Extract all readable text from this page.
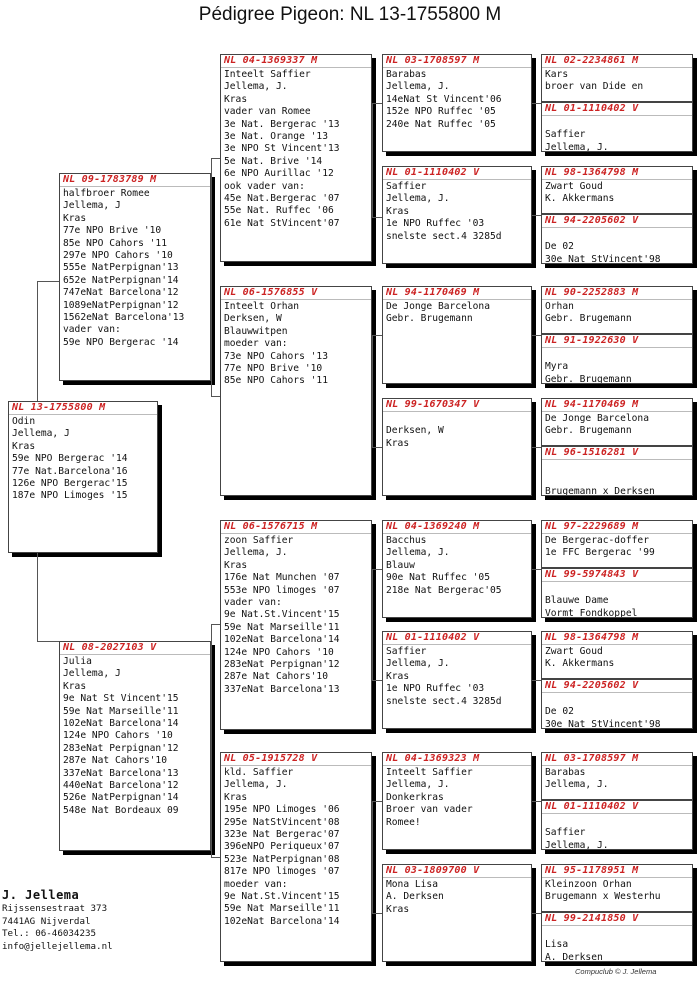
Pédigree Pigeon: NL 13-1755800 M
NL 13-1755800 M
Odin
Jellema, J
Kras
59e NPO Bergerac '14
77e Nat.Barcelona'16
126e NPO Bergerac'15
187e NPO Limoges '15
NL 09-1783789 M
halfbroer Romee
Jellema, J
Kras
77e NPO Brive '10
85e NPO Cahors '11
297e NPO Cahors '10
555e NatPerpignan'13
652e NatPerpignan'14
747eNat Barcelona'12
1089eNatPerpignan'12
1562eNat Barcelona'13
vader van:
59e NPO Bergerac '14
NL 08-2027103 V
Julia
Jellema, J
Kras
9e Nat St Vincent'15
59e Nat Marseille'11
102eNat Barcelona'14
124e NPO Cahors '10
283eNat Perpignan'12
287e Nat Cahors'10
337eNat Barcelona'13
440eNat Barcelona'12
526e NatPerpignan'14
548e Nat Bordeaux 09
NL 04-1369337 M
Inteelt Saffier
Jellema, J.
Kras
vader van Romee
3e Nat. Bergerac '13
3e Nat. Orange '13
3e NPO St Vincent'13
5e Nat. Brive '14
6e NPO Aurillac '12
ook vader van:
45e Nat.Bergerac '07
55e Nat. Ruffec '06
61e Nat StVincent'07
NL 06-1576855 V
Inteelt Orhan
Derksen, W
Blauwwitpen
moeder van:
73e NPO Cahors '13
77e NPO Brive '10
85e NPO Cahors '11
NL 06-1576715 M
zoon Saffier
Jellema, J.
Kras
176e Nat Munchen '07
553e NPO limoges '07
vader van:
9e Nat.St.Vincent'15
59e Nat Marseille'11
102eNat Barcelona'14
124e NPO Cahors '10
283eNat Perpignan'12
287e Nat Cahors'10
337eNat Barcelona'13
NL 05-1915728 V
kld. Saffier
Jellema, J.
Kras
195e NPO Limoges '06
295e NatStVincent'08
323e Nat Bergerac'07
396eNPO Periqueux'07
523e NatPerpignan'08
817e NPO limoges '07
moeder van:
9e Nat.St.Vincent'15
59e Nat Marseille'11
102eNat Barcelona'14
NL 03-1708597 M
Barabas
Jellema, J.
14eNat St Vincent'06
152e NPO Ruffec '05
240e Nat Ruffec '05
NL 01-1110402 V
Saffier
Jellema, J.
Kras
1e NPO Ruffec '03
snelste sect.4 3285d
NL 94-1170469 M
De Jonge Barcelona
Gebr. Brugemann
NL 99-1670347 V
Derksen, W
Kras
NL 04-1369240 M
Bacchus
Jellema, J.
Blauw
90e Nat Ruffec '05
218e Nat Bergerac'05
NL 01-1110402 V
Saffier
Jellema, J.
Kras
1e NPO Ruffec '03
snelste sect.4 3285d
NL 04-1369323 M
Inteelt Saffier
Jellema, J.
Donkerkras
Broer van vader
Romee!
NL 03-1809700 V
Mona Lisa
A. Derksen
Kras
NL 02-2234861 M
Kars
broer van Dide en
NL 01-1110402 V
Saffier
Jellema, J.
NL 98-1364798 M
Zwart Goud
K. Akkermans
NL 94-2205602 V
De 02
30e Nat StVincent'98
NL 90-2252883 M
Orhan
Gebr. Brugemann
NL 91-1922630 V
Myra
Gebr. Brugemann
NL 94-1170469 M
De Jonge Barcelona
Gebr. Brugemann
NL 96-1516281 V
Brugemann x Derksen
NL 97-2229689 M
De Bergerac-doffer
1e FFC Bergerac '99
NL 99-5974843 V
Blauwe Dame
Vormt Fondkoppel
NL 98-1364798 M
Zwart Goud
K. Akkermans
NL 94-2205602 V
De 02
30e Nat StVincent'98
NL 03-1708597 M
Barabas
Jellema, J.
NL 01-1110402 V
Saffier
Jellema, J.
NL 95-1178951 M
Kleinzoon Orhan
Brugemann x Westerhu
NL 99-2141850 V
Lisa
A. Derksen
J. Jellema
Rijssensestraat 373
7441AG Nijverdal
Tel.: 06-46034235
info@jellejellema.nl
Compuclub © J. Jellema
